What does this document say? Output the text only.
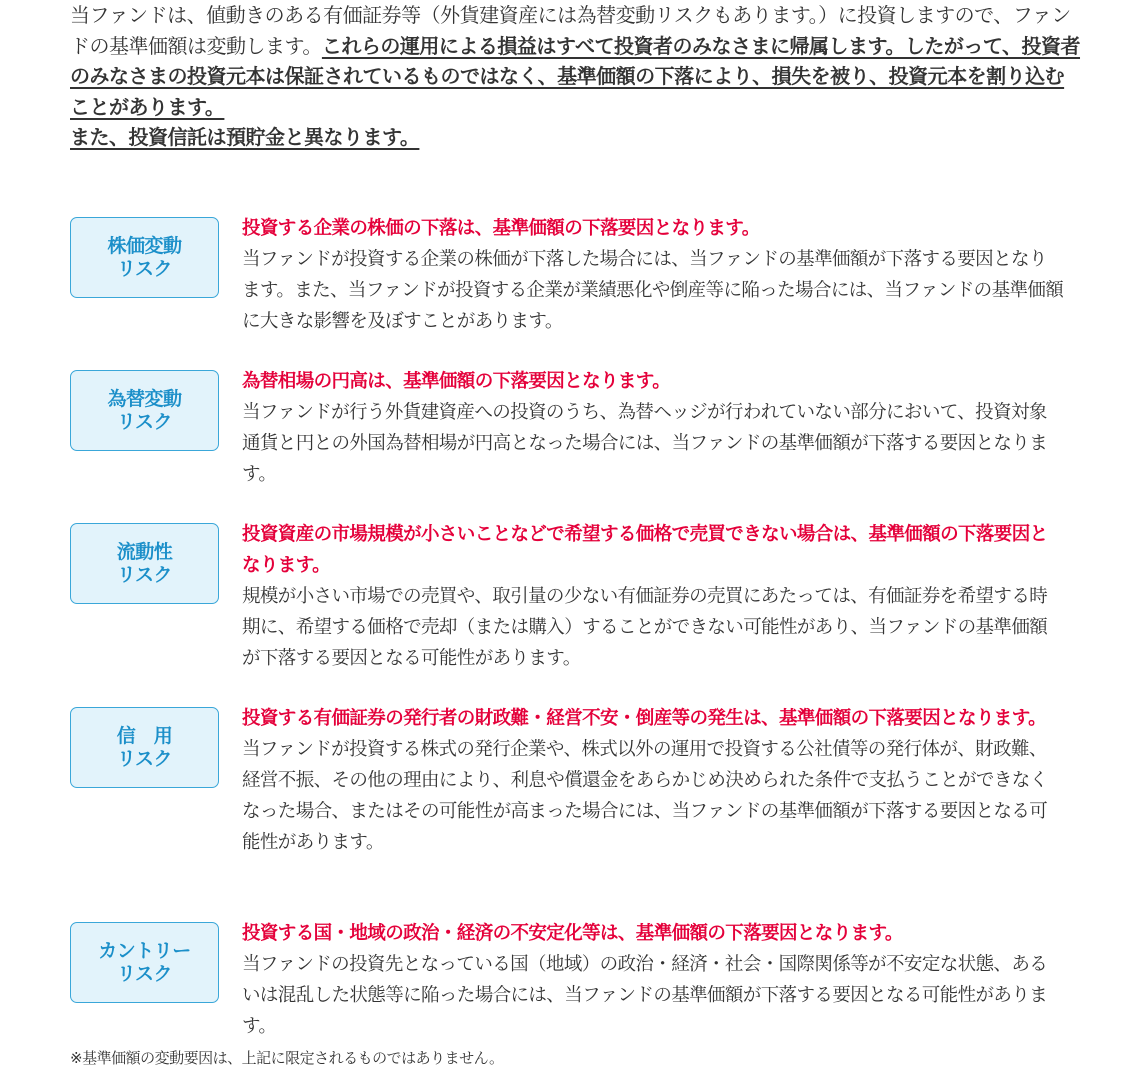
当ファンドは、値動きのある有価証券等（外貨建資産には為替変動リスクもあります。）に投資しますので、ファンドの基準価額は変動します。これらの運用による損益はすべて投資者のみなさまに帰属します。したがって、投資者のみなさまの投資元本は保証されているものではなく、基準価額の下落により、損失を被り、投資元本を割り込むことがあります。
また、投資信託は預貯金と異なります。
株価変動
リスク
投資する企業の株価の下落は、基準価額の下落要因となります。
当ファンドが投資する企業の株価が下落した場合には、当ファンドの基準価額が下落する要因となります。また、当ファンドが投資する企業が業績悪化や倒産等に陥った場合には、当ファンドの基準価額に大きな影響を及ぼすことがあります。
為替変動
リスク
為替相場の円高は、基準価額の下落要因となります。
当ファンドが行う外貨建資産への投資のうち、為替ヘッジが行われていない部分において、投資対象通貨と円との外国為替相場が円高となった場合には、当ファンドの基準価額が下落する要因となります。
流動性
リスク
投資資産の市場規模が小さいことなどで希望する価格で売買できない場合は、基準価額の下落要因となります。
規模が小さい市場での売買や、取引量の少ない有価証券の売買にあたっては、有価証券を希望する時期に、希望する価格で売却（または購入）することができない可能性があり、当ファンドの基準価額が下落する要因となる可能性があります。
信　用
リスク
投資する有価証券の発行者の財政難・経営不安・倒産等の発生は、基準価額の下落要因となります。
当ファンドが投資する株式の発行企業や、株式以外の運用で投資する公社債等の発行体が、財政難、経営不振、その他の理由により、利息や償還金をあらかじめ決められた条件で支払うことができなくなった場合、またはその可能性が高まった場合には、当ファンドの基準価額が下落する要因となる可能性があります。
カントリー
リスク
投資する国・地域の政治・経済の不安定化等は、基準価額の下落要因となります。
当ファンドの投資先となっている国（地域）の政治・経済・社会・国際関係等が不安定な状態、あるいは混乱した状態等に陥った場合には、当ファンドの基準価額が下落する要因となる可能性があります。
※基準価額の変動要因は、上記に限定されるものではありません。
